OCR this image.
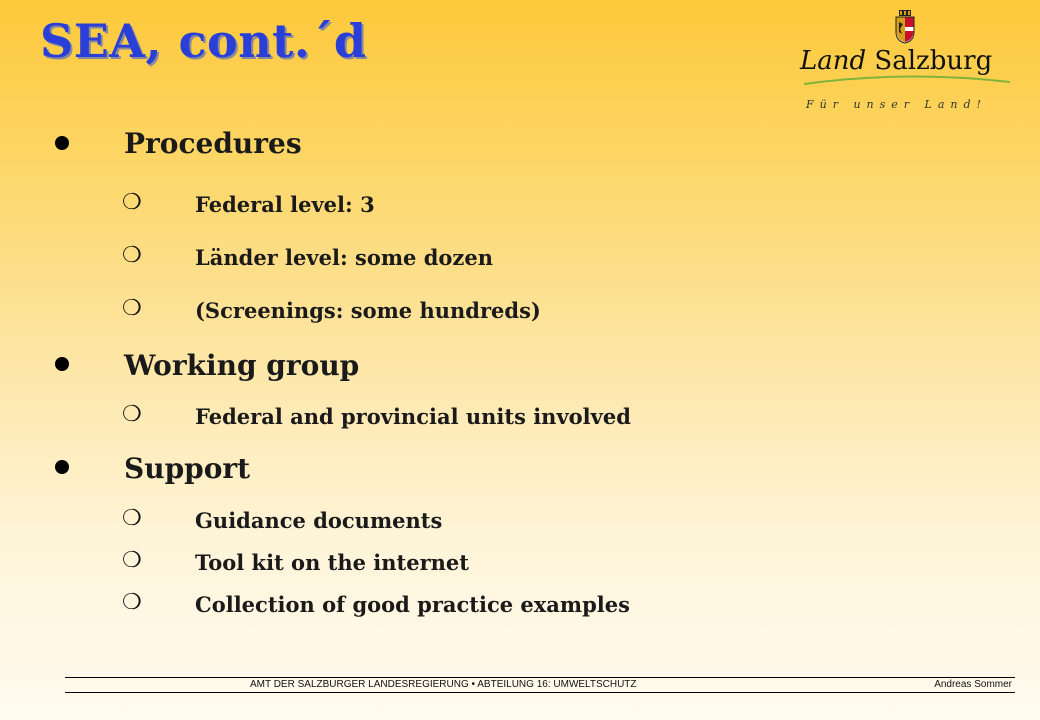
SEA, cont.´d	Land Salzburg
Für unser Land!
Procedures
❍	Federal level: 3
❍	Länder level: some dozen
❍	(Screenings: some hundreds)
Working group
❍	Federal and provincial units involved
Support
❍	Guidance documents
❍	Tool kit on the internet
❍	Collection of good practice examples
AMT DER SALZBURGER LANDESREGIERUNG • ABTEILUNG 16: UMWELTSCHUTZ	Andreas Sommer
